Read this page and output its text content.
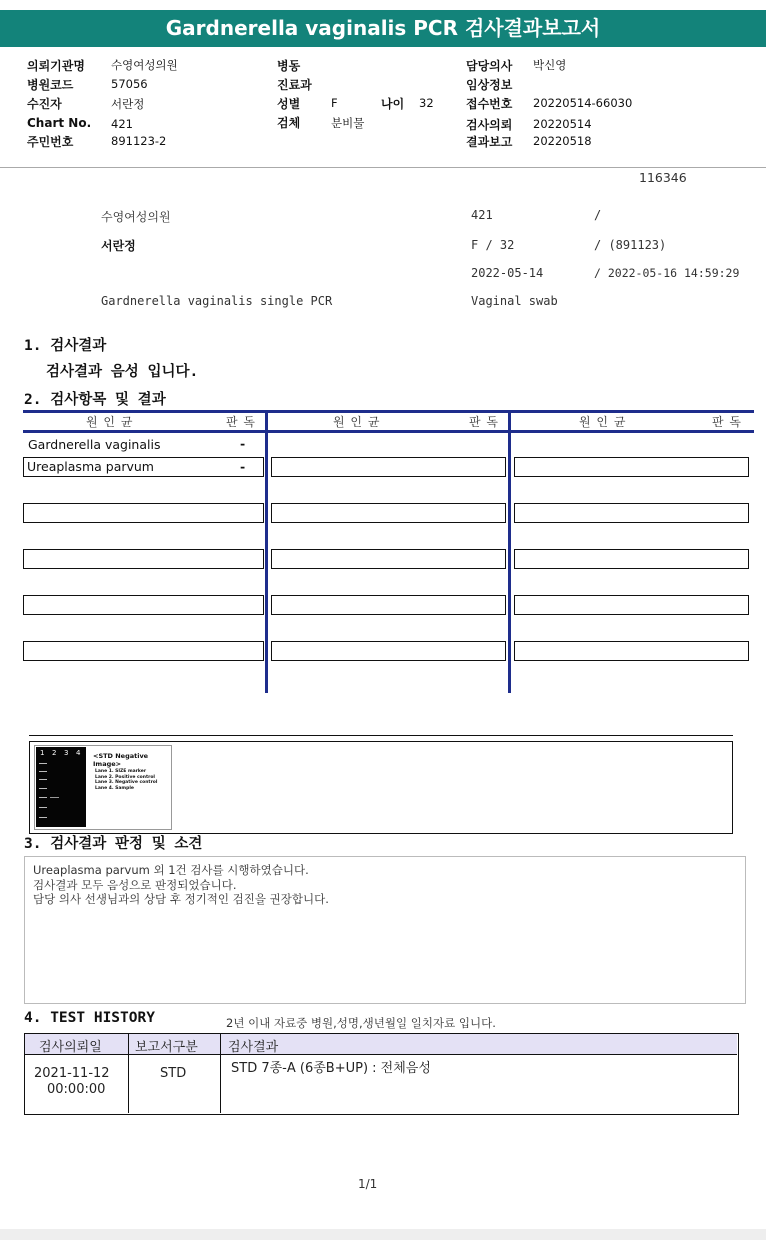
Gardnerella vaginalis PCR 검사결과보고서
의뢰기관명 수영여성의원
병원코드	57056
수진자	서란정
Chart No. 421
주민번호	891123-2
병동
진료과
성별	F	나이 32
검체	분비물
담당의사 박신영
임상정보
접수번호 20220514-66030
검사의뢰 20220514
결과보고 20220518
116346
수영여성의원	421	/
서란정	F / 32	/ (891123)
2022-05-14	/ 2022-05-16 14:59:29
Gardnerella vaginalis single PCR	Vaginal swab
1. 검사결과
검사결과 음성 입니다.
2. 검사항목 및 결과
원 인 균	판 독	원 인 균	판 독	원 인 균	판 독
Gardnerella vaginalis	-
Ureaplasma parvum	-
1 2 3 4 <STD Negative Image>
Lane 1. SIZE marker
Lane 2. Positive control
Lane 3. Negative control
Lane 4. Sample
3. 검사결과 판정 및 소견
Ureaplasma parvum 외 1건 검사를 시행하였습니다.
검사결과 모두 음성으로 판정되었습니다.
담당 의사 선생님과의 상담 후 정기적인 검진을 권장합니다.
4. TEST HISTORY	2년 이내 자료중 병원,성명,생년월일 일치자료 입니다.
검사의뢰일	보고서구분 검사결과
2021-11-12
00:00:00
STD	STD 7종-A (6종B+UP) : 전체음성
1/1
